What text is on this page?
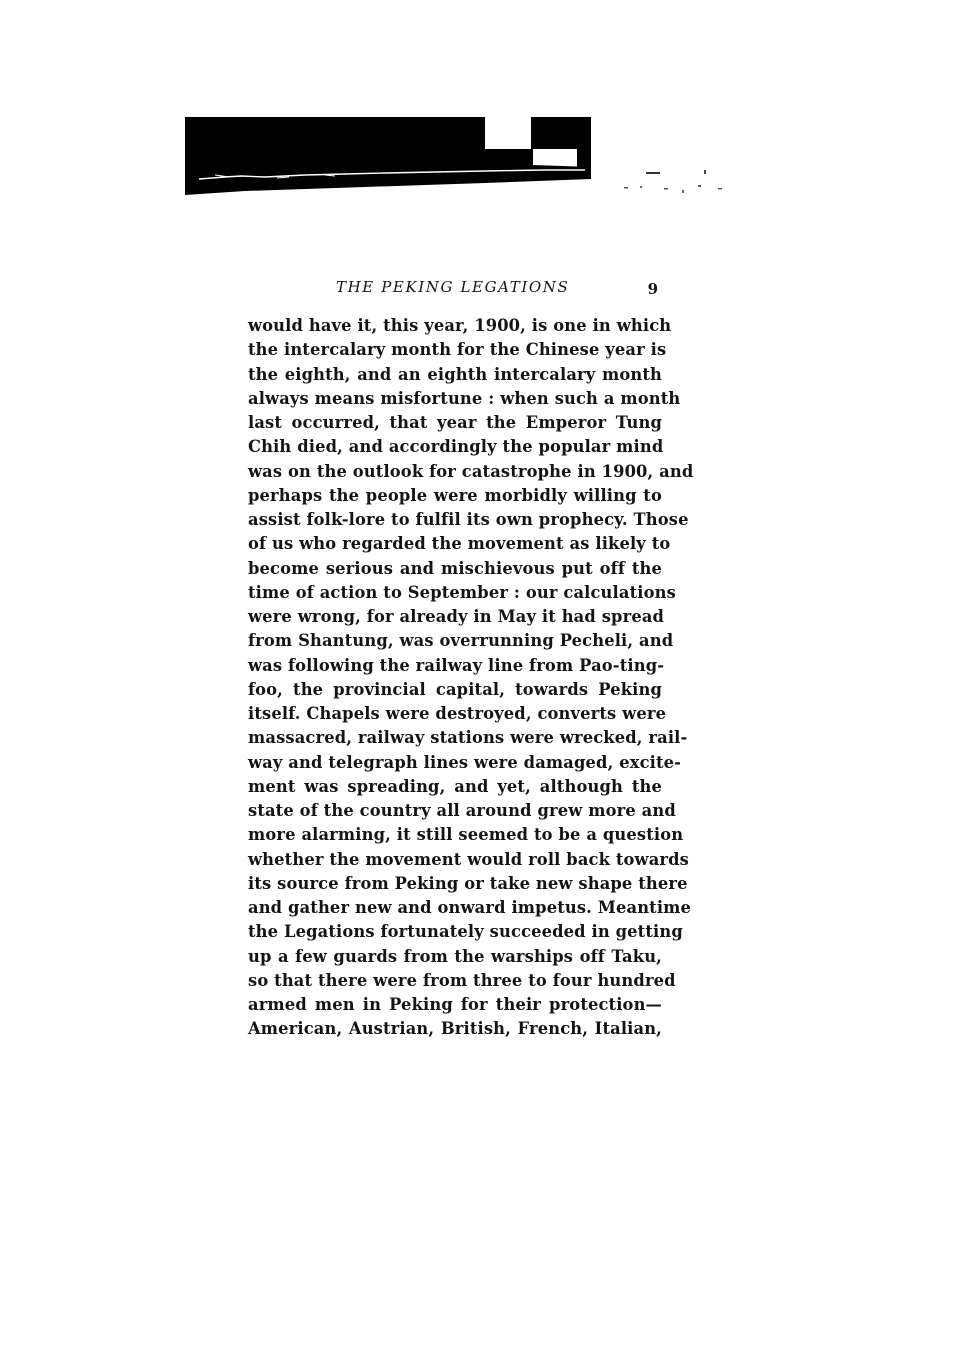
THE PEKING LEGATIONS	9
would have it, this year, 1900, is one in which
the intercalary month for the Chinese year is
the eighth, and an eighth intercalary month
always means misfortune : when such a month
last occurred, that year the Emperor Tung
Chih died, and accordingly the popular mind
was on the outlook for catastrophe in 1900, and
perhaps the people were morbidly willing to
assist folk-lore to fulfil its own prophecy. Those
of us who regarded the movement as likely to
become serious and mischievous put off the
time of action to September : our calculations
were wrong, for already in May it had spread
from Shantung, was overrunning Pecheli, and
was following the railway line from Pao-ting-
foo, the provincial capital, towards Peking
itself. Chapels were destroyed, converts were
massacred, railway stations were wrecked, rail-
way and telegraph lines were damaged, excite-
ment was spreading, and yet, although the
state of the country all around grew more and
more alarming, it still seemed to be a question
whether the movement would roll back towards
its source from Peking or take new shape there
and gather new and onward impetus. Meantime
the Legations fortunately succeeded in getting
up a few guards from the warships off Taku,
so that there were from three to four hundred
armed men in Peking for their protection—
American, Austrian, British, French, Italian,
